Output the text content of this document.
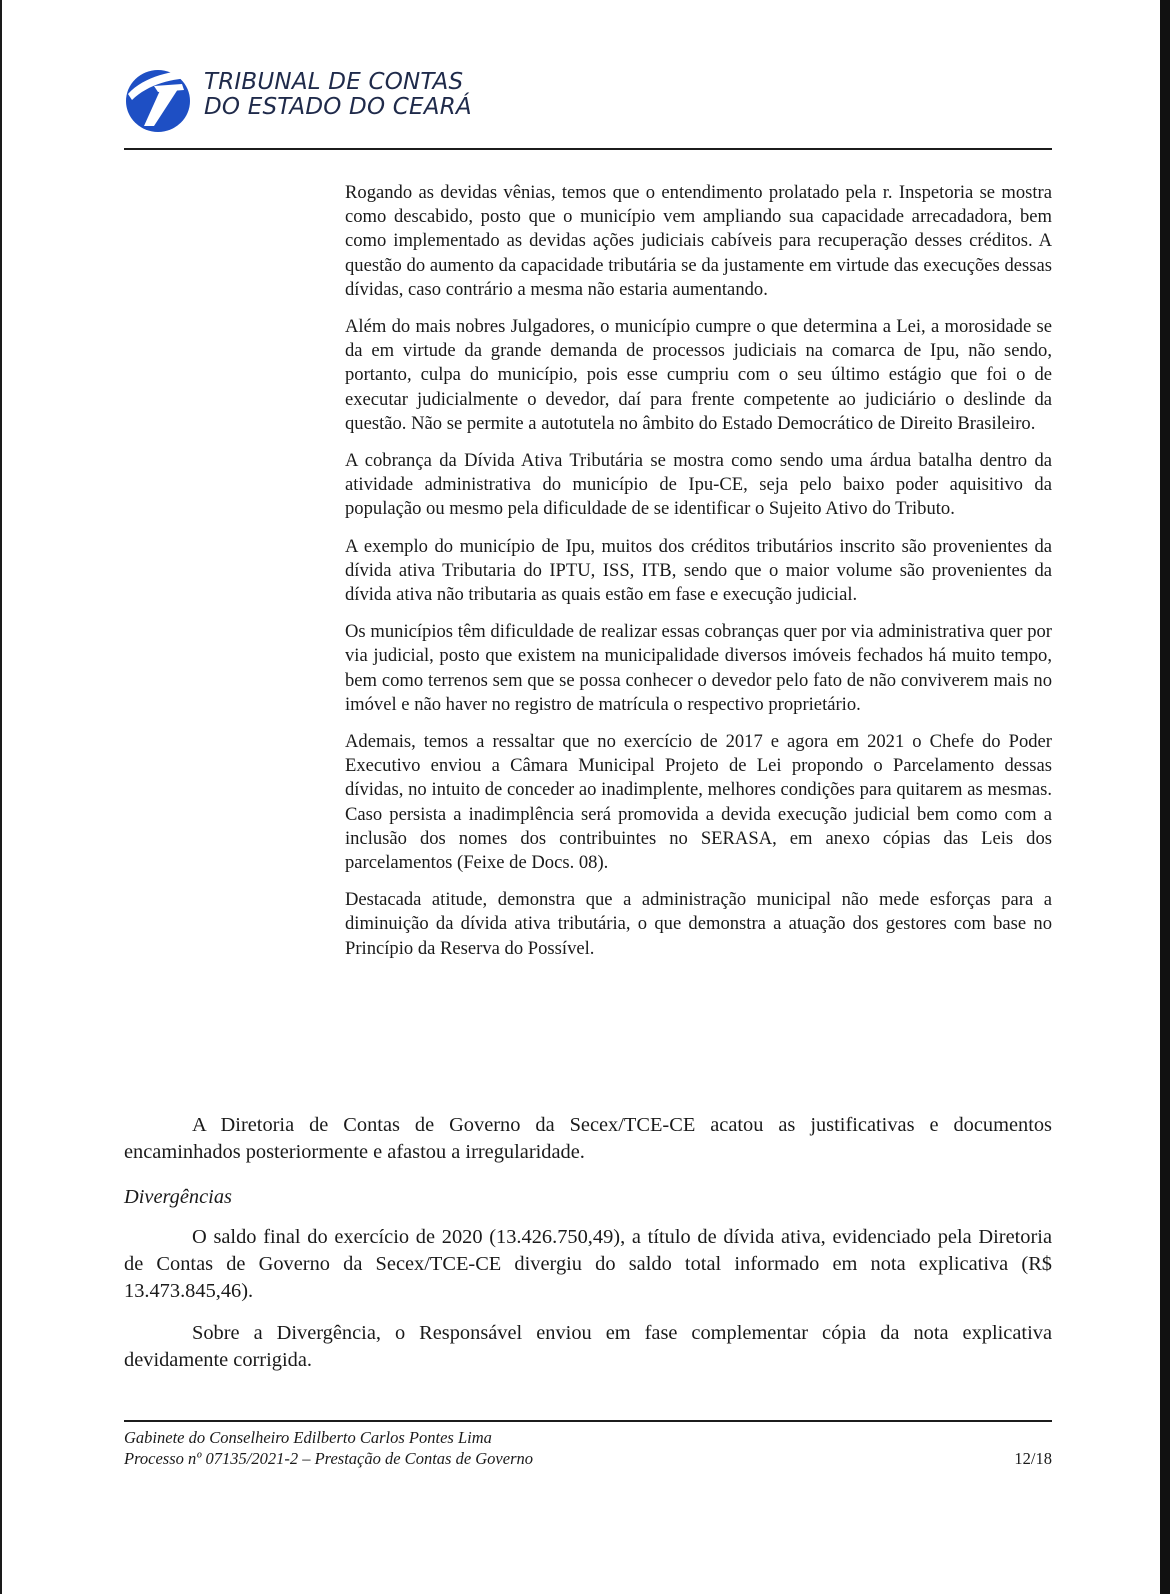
TRIBUNAL DE CONTAS
DO ESTADO DO CEARÁ

Rogando as devidas vênias, temos que o entendimento prolatado pela r. Inspetoria se mostra como descabido, posto que o município vem ampliando sua capacidade arrecadadora, bem como implementado as devidas ações judiciais cabíveis para recuperação desses créditos. A questão do aumento da capacidade tributária se da justamente em virtude das execuções dessas dívidas, caso contrário a mesma não estaria aumentando.

Além do mais nobres Julgadores, o município cumpre o que determina a Lei, a morosidade se da em virtude da grande demanda de processos judiciais na comarca de Ipu, não sendo, portanto, culpa do município, pois esse cumpriu com o seu último estágio que foi o de executar judicialmente o devedor, daí para frente competente ao judiciário o deslinde da questão. Não se permite a autotutela no âmbito do Estado Democrático de Direito Brasileiro.

A cobrança da Dívida Ativa Tributária se mostra como sendo uma árdua batalha dentro da atividade administrativa do município de Ipu-CE, seja pelo baixo poder aquisitivo da população ou mesmo pela dificuldade de se identificar o Sujeito Ativo do Tributo.

A exemplo do município de Ipu, muitos dos créditos tributários inscrito são provenientes da dívida ativa Tributaria do IPTU, ISS, ITB, sendo que o maior volume são provenientes da dívida ativa não tributaria as quais estão em fase e execução judicial.

Os municípios têm dificuldade de realizar essas cobranças quer por via administrativa quer por via judicial, posto que existem na municipalidade diversos imóveis fechados há muito tempo, bem como terrenos sem que se possa conhecer o devedor pelo fato de não conviverem mais no imóvel e não haver no registro de matrícula o respectivo proprietário.

Ademais, temos a ressaltar que no exercício de 2017 e agora em 2021 o Chefe do Poder Executivo enviou a Câmara Municipal Projeto de Lei propondo o Parcelamento dessas dívidas, no intuito de conceder ao inadimplente, melhores condições para quitarem as mesmas. Caso persista a inadimplência será promovida a devida execução judicial bem como com a inclusão dos nomes dos contribuintes no SERASA, em anexo cópias das Leis dos parcelamentos (Feixe de Docs. 08).

Destacada atitude, demonstra que a administração municipal não mede esforças para a diminuição da dívida ativa tributária, o que demonstra a atuação dos gestores com base no Princípio da Reserva do Possível.

A Diretoria de Contas de Governo da Secex/TCE-CE acatou as justificativas e documentos encaminhados posteriormente e afastou a irregularidade.
Divergências
O saldo final do exercício de 2020 (13.426.750,49), a título de dívida ativa, evidenciado pela Diretoria de Contas de Governo da Secex/TCE-CE divergiu do saldo total informado em nota explicativa (R$ 13.473.845,46).
Sobre a Divergência, o Responsável enviou em fase complementar cópia da nota explicativa devidamente corrigida.
Gabinete do Conselheiro Edilberto Carlos Pontes Lima
Processo nº 07135/2021-2 – Prestação de Contas de Governo	12/18
